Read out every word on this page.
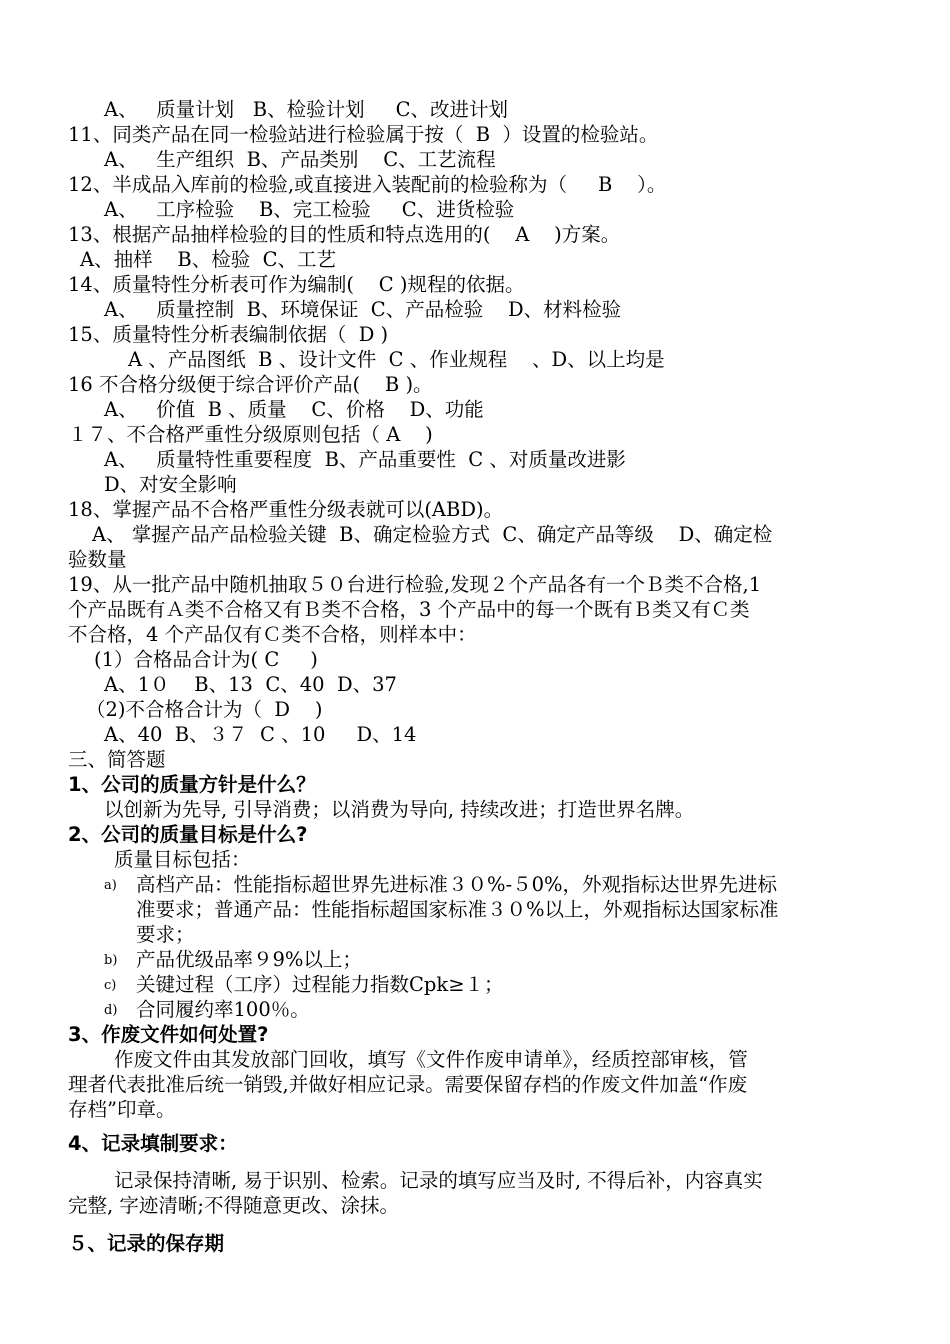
A、   质量计划   B、检验计划     C、改进计划
11、同类产品在同一检验站进行检验属于按（  B  ）设置的检验站。
A、   生产组织  B、产品类别    C、工艺流程
12、半成品入库前的检验,或直接进入装配前的检验称为（     B    ）。
A、   工序检验    B、完工检验     C、进货检验
13、根据产品抽样检验的目的性质和特点选用的(    A    )方案。
A、抽样    B、检验  C、工艺
14、质量特性分析表可作为编制(    C )规程的依据。
A、   质量控制  B、环境保证  C、产品检验    D、材料检验
15、质量特性分析表编制依据（  D )
A 、产品图纸  B 、设计文件  C 、作业规程    、D、以上均是
16 不合格分级便于综合评价产品(    B )。
A、   价值  B 、质量    C、价格    D、功能
１７、不合格严重性分级原则包括（ A    )
A、   质量特性重要程度  B、产品重要性  C 、对质量改进影
D、对安全影响
18、掌握产品不合格严重性分级表就可以(ABD)。
A、 掌握产品产品检验关键  B、确定检验方式  C、确定产品等级    D、确定检
验数量
19、从一批产品中随机抽取５０台进行检验,发现２个产品各有一个Ｂ类不合格,1
个产品既有Ａ类不合格又有Ｂ类不合格，3 个产品中的每一个既有Ｂ类又有Ｃ类
不合格，4 个产品仅有Ｃ类不合格，则样本中：
(1）合格品合计为( C     )
A、1０    B、13  C、40  D、37
（2)不合格合计为（  D    )
A、40  B、３７  C 、10     D、14
三、简答题
1、公司的质量方针是什么？
以创新为先导, 引导消费；以消费为导向, 持续改进；打造世界名牌。
2、公司的质量目标是什么?
质量目标包括：
a) 高档产品：性能指标超世界先进标准３０%-５0%，外观指标达世界先进标
准要求；普通产品：性能指标超国家标准３０%以上，外观指标达国家标准
要求；
b) 产品优级品率９9%以上；
c) 关键过程（工序）过程能力指数Cpk≥１；
d) 合同履约率100％。
3、作废文件如何处置?
作废文件由其发放部门回收，填写《文件作废申请单》，经质控部审核，管
理者代表批准后统一销毁,并做好相应记录。需要保留存档的作废文件加盖“作废
存档”印章。
4、记录填制要求：
记录保持清晰, 易于识别、检索。记录的填写应当及时, 不得后补，内容真实
完整, 字迹清晰;不得随意更改、涂抹。
５、记录的保存期
